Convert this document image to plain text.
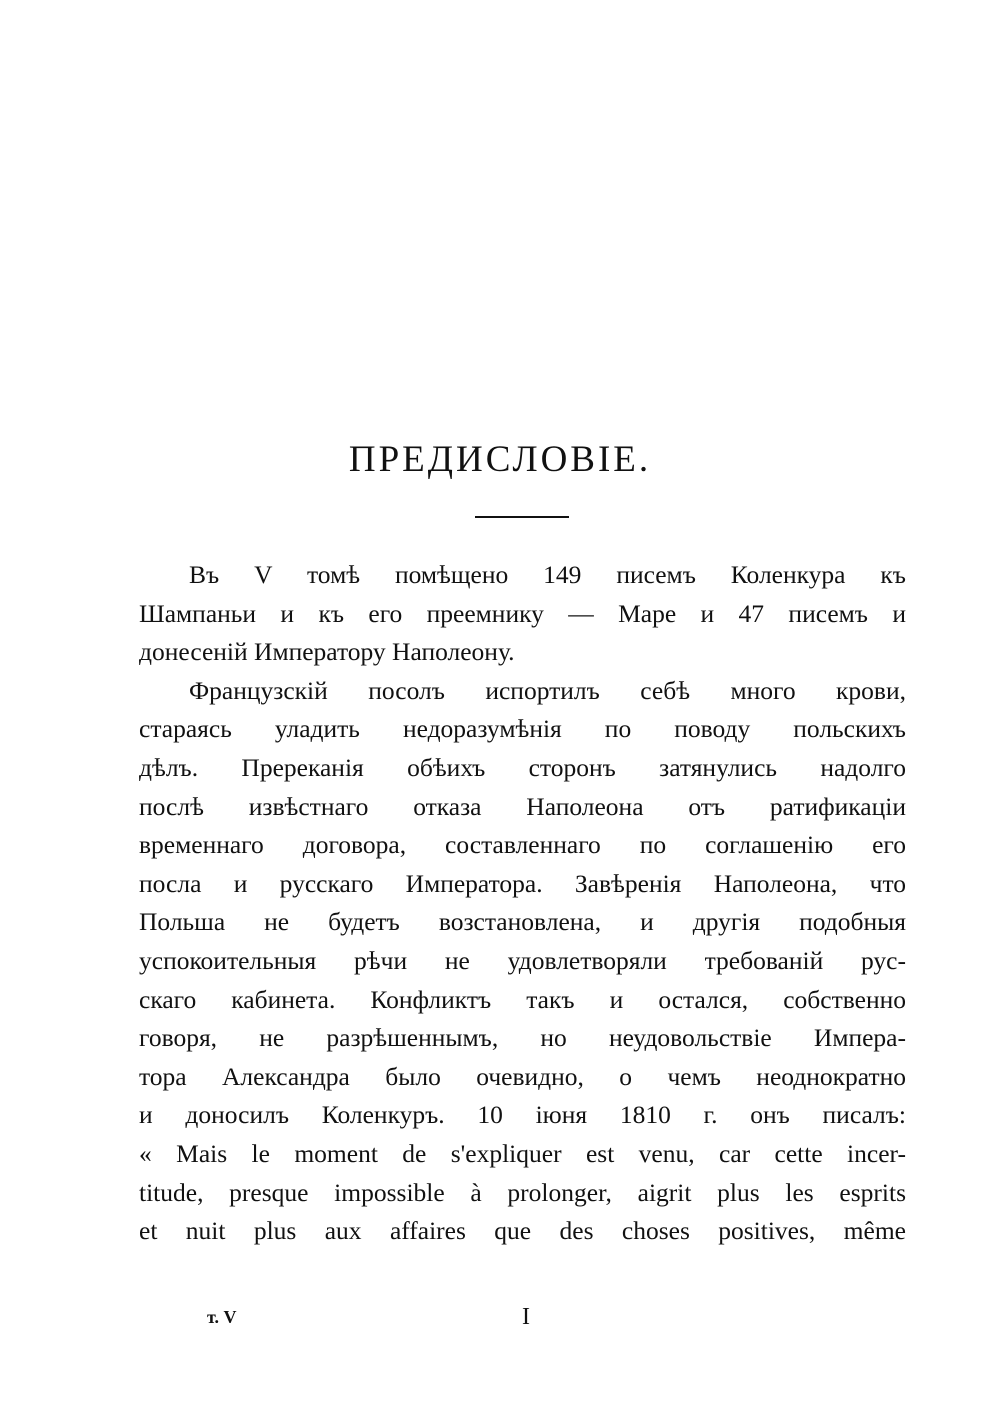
ПРЕДИСЛОВІЕ.
Въ V томѣ помѣщено 149 писемъ Коленкура къ
Шампаньи и къ его преемнику — Маре и 47 писемъ и
донесеній Императору Наполеону.
Французскій посолъ испортилъ себѣ много крови,
стараясь уладить недоразумѣнія по поводу польскихъ
дѣлъ. Пререканія обѣихъ сторонъ затянулись надолго
послѣ извѣстнаго отказа Наполеона отъ ратификаціи
временнаго договора, составленнаго по соглашенію его
посла и русскаго Императора. Завѣренія Наполеона, что
Польша не будетъ возстановлена, и другія подобныя
успокоительныя рѣчи не удовлетворяли требованій рус-
скаго кабинета. Конфликтъ такъ и остался, собственно
говоря, не разрѣшеннымъ, но неудовольствіе Импера-
тора Александра было очевидно, о чемъ неоднократно
и доносилъ Коленкуръ. 10 іюня 1810 г. онъ писалъ:
« Mais le moment de s'expliquer est venu, car cette incer-
titude, presque impossible à prolonger, aigrit plus les esprits
et nuit plus aux affaires que des choses positives, même
т. V	I
